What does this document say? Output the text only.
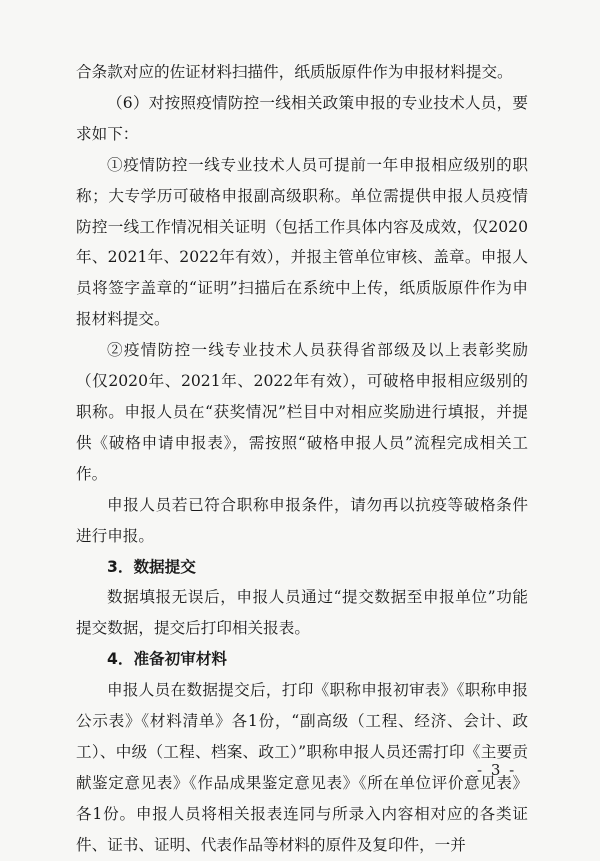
合条款对应的佐证材料扫描件，纸质版原件作为申报材料提交。

（6）对按照疫情防控一线相关政策申报的专业技术人员，要求如下：

①疫情防控一线专业技术人员可提前一年申报相应级别的职称；大专学历可破格申报副高级职称。单位需提供申报人员疫情防控一线工作情况相关证明（包括工作具体内容及成效，仅2020年、2021年、2022年有效），并报主管单位审核、盖章。申报人员将签字盖章的“证明”扫描后在系统中上传，纸质版原件作为申报材料提交。

②疫情防控一线专业技术人员获得省部级及以上表彰奖励（仅2020年、2021年、2022年有效），可破格申报相应级别的职称。申报人员在“获奖情况”栏目中对相应奖励进行填报，并提供《破格申请申报表》，需按照“破格申报人员”流程完成相关工作。

申报人员若已符合职称申报条件，请勿再以抗疫等破格条件进行申报。

3．数据提交

数据填报无误后，申报人员通过“提交数据至申报单位”功能提交数据，提交后打印相关报表。

4．准备初审材料

申报人员在数据提交后，打印《职称申报初审表》《职称申报公示表》《材料清单》各1份，“副高级（工程、经济、会计、政工）、中级（工程、档案、政工）”职称申报人员还需打印《主要贡献鉴定意见表》《作品成果鉴定意见表》《所在单位评价意见表》各1份。申报人员将相关报表连同与所录入内容相对应的各类证件、证书、证明、代表作品等材料的原件及复印件，一并

- 3 -
